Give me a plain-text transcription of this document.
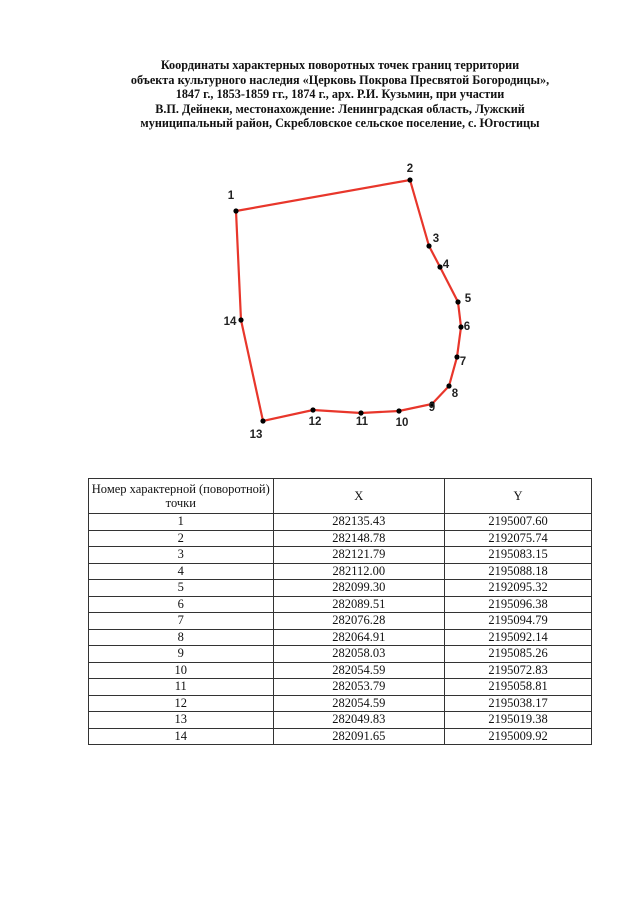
Координаты характерных поворотных точек границ территории
объекта культурного наследия «Церковь Покрова Пресвятой Богородицы»,
1847 г., 1853-1859 гг., 1874 г., арх. Р.И. Кузьмин, при участии
В.П. Дейнеки, местонахождение: Ленинградская область, Лужский
муниципальный район, Скребловское сельское поселение, с. Югостицы
1
2
3
4
5
6
7
8
9
10
11
12
13
14
Номер характерной (поворотной) точки	X	Y
1	282135.43	2195007.60
2	282148.78	2192075.74
3	282121.79	2195083.15
4	282112.00	2195088.18
5	282099.30	2192095.32
6	282089.51	2195096.38
7	282076.28	2195094.79
8	282064.91	2195092.14
9	282058.03	2195085.26
10	282054.59	2195072.83
11	282053.79	2195058.81
12	282054.59	2195038.17
13	282049.83	2195019.38
14	282091.65	2195009.92
